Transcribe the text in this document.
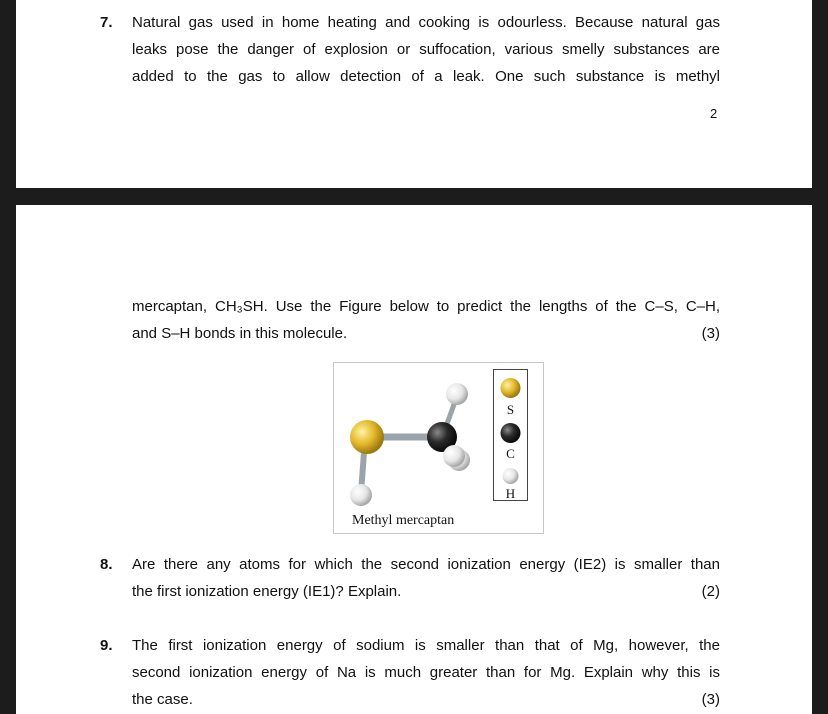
7. Natural gas used in home heating and cooking is odourless. Because natural gas
leaks pose the danger of explosion or suffocation, various smelly substances are
added to the gas to allow detection of a leak. One such substance is methyl
2
mercaptan, CH₃SH. Use the Figure below to predict the lengths of the C–S, C–H,
and S–H bonds in this molecule.	(3)
S
C
H
Methyl mercaptan
8. Are there any atoms for which the second ionization energy (IE2) is smaller than
the first ionization energy (IE1)? Explain.	(2)
9. The first ionization energy of sodium is smaller than that of Mg, however, the
second ionization energy of Na is much greater than for Mg. Explain why this is
the case.	(3)
